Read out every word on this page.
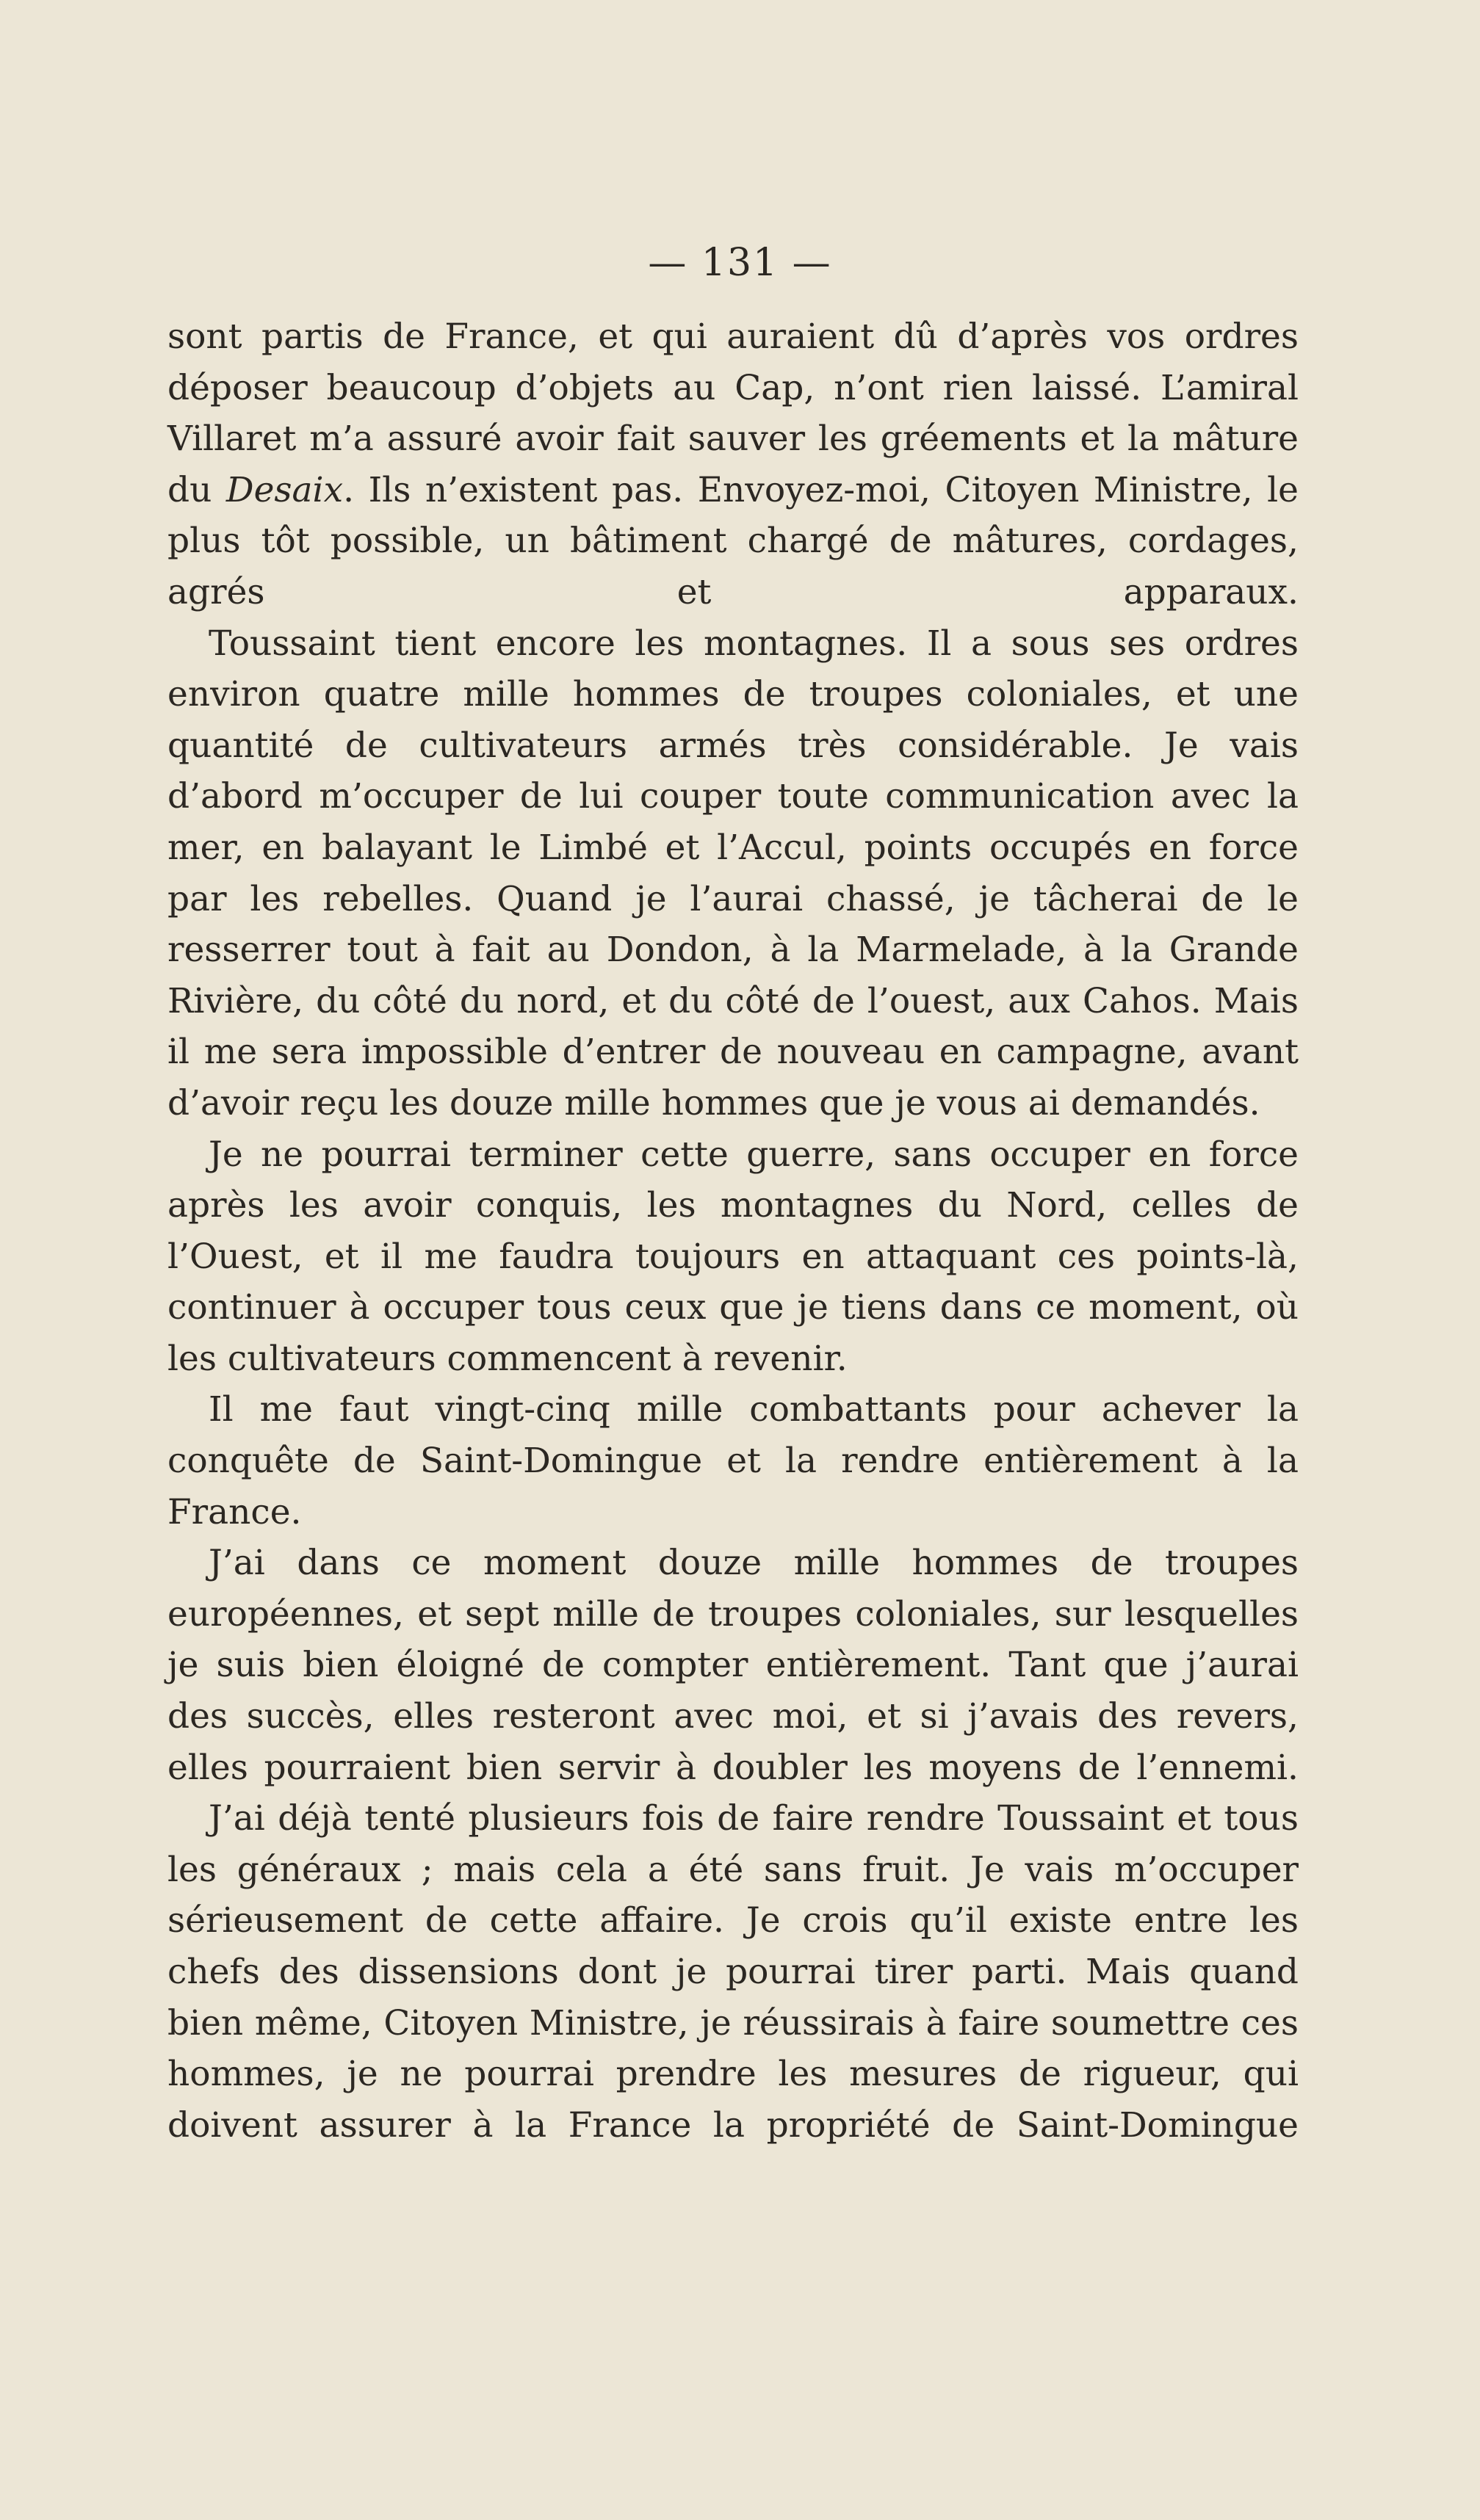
— 131 —

sont partis de France, et qui auraient dû d’après vos ordres déposer beaucoup d’objets au Cap, n’ont rien laissé. L’amiral Villaret m’a assuré avoir fait sauver les gréements et la mâture du Desaix. Ils n’existent pas. Envoyez-moi, Citoyen Ministre, le plus tôt possible, un bâtiment chargé de mâtures, cordages, agrés et apparaux.

Toussaint tient encore les montagnes. Il a sous ses ordres environ quatre mille hommes de troupes coloniales, et une quantité de cultivateurs armés très considérable. Je vais d’abord m’occuper de lui couper toute communication avec la mer, en balayant le Limbé et l’Accul, points occupés en force par les rebelles. Quand je l’aurai chassé, je tâcherai de le resserrer tout à fait au Dondon, à la Marmelade, à la Grande Rivière, du côté du nord, et du côté de l’ouest, aux Cahos. Mais il me sera impossible d’entrer de nouveau en campagne, avant d’avoir reçu les douze mille hommes que je vous ai demandés.

Je ne pourrai terminer cette guerre, sans occuper en force après les avoir conquis, les montagnes du Nord, celles de l’Ouest, et il me faudra toujours en attaquant ces points-là, continuer à occuper tous ceux que je tiens dans ce moment, où les cultivateurs commencent à revenir.

Il me faut vingt-cinq mille combattants pour achever la conquête de Saint-Domingue et la rendre entièrement à la France.

J’ai dans ce moment douze mille hommes de troupes européennes, et sept mille de troupes coloniales, sur lesquelles je suis bien éloigné de compter entièrement. Tant que j’aurai des succès, elles resteront avec moi, et si j’avais des revers, elles pourraient bien servir à doubler les moyens de l’ennemi.

J’ai déjà tenté plusieurs fois de faire rendre Toussaint et tous les généraux ; mais cela a été sans fruit. Je vais m’occuper sérieusement de cette affaire. Je crois qu’il existe entre les chefs des dissensions dont je pourrai tirer parti. Mais quand bien même, Citoyen Ministre, je réussirais à faire soumettre ces hommes, je ne pourrai prendre les mesures de rigueur, qui doivent assurer à la France la propriété de Saint-Domingue
